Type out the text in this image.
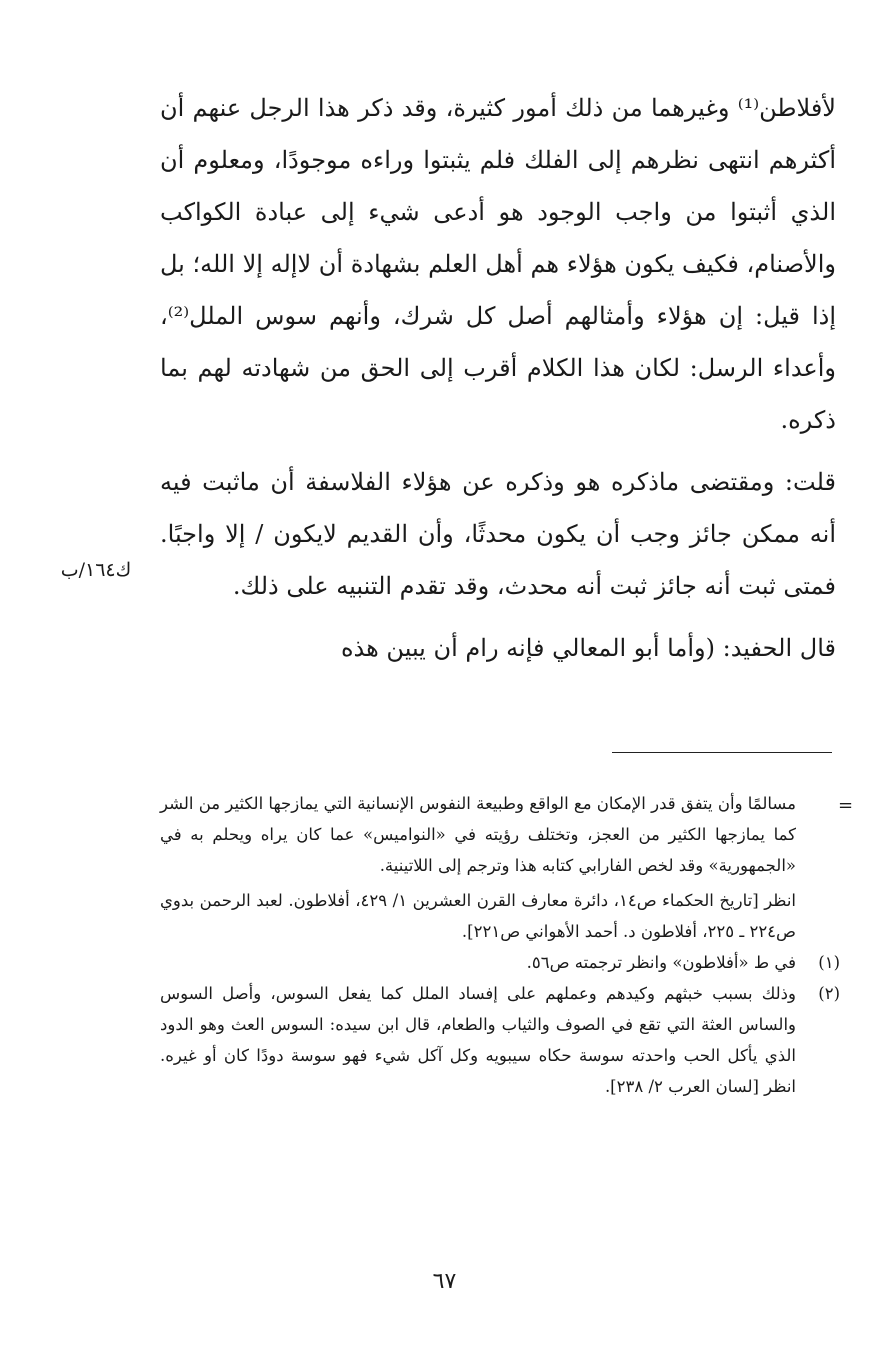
لأفلاطن⁽¹⁾ وغيرهما من ذلك أمور كثيرة، وقد ذكر هذا الرجل عنهم أن أكثرهم انتهى نظرهم إلى الفلك فلم يثبتوا وراءه موجودًا، ومعلوم أن الذي أثبتوا من واجب الوجود هو أدعى شيء إلى عبادة الكواكب والأصنام، فكيف يكون هؤلاء هم أهل العلم بشهادة أن لاإله إلا الله؛ بل إذا قيل: إن هؤلاء وأمثالهم أصل كل شرك، وأنهم سوس الملل⁽²⁾، وأعداء الرسل: لكان هذا الكلام أقرب إلى الحق من شهادته لهم بما ذكره.

قلت: ومقتضى ماذكره هو وذكره عن هؤلاء الفلاسفة أن ماثبت فيه أنه ممكن جائز وجب أن يكون محدثًا، وأن القديم لايكون / إلا واجبًا. فمتى ثبت أنه جائز ثبت أنه محدث، وقد تقدم التنبيه على ذلك.

قال الحفيد: (وأما أبو المعالي فإنه رام أن يبين هذه

ك١٦٤/ب
=

مسالمًا وأن يتفق قدر الإمكان مع الواقع وطبيعة النفوس الإنسانية التي يمازجها الكثير من الشر كما يمازجها الكثير من العجز، وتختلف رؤيته في «النواميس» عما كان يراه ويحلم به في «الجمهورية» وقد لخص الفارابي كتابه هذا وترجم إلى اللاتينية.

انظر [تاريخ الحكماء ص١٤، دائرة معارف القرن العشرين ١/ ٤٢٩، أفلاطون. لعبد الرحمن بدوي ص٢٢٤ ـ ٢٢٥، أفلاطون د. أحمد الأهواني ص٢٢١].

(١)
في ط «أفلاطون» وانظر ترجمته ص٥٦.
(٢)
وذلك بسبب خبثهم وكيدهم وعملهم على إفساد الملل كما يفعل السوس، وأصل السوس والساس العثة التي تقع في الصوف والثياب والطعام، قال ابن سيده: السوس العث وهو الدود الذي يأكل الحب واحدته سوسة حكاه سيبويه وكل آكل شيء فهو سوسة دودًا كان أو غيره. انظر [لسان العرب ٢/ ٢٣٨].
٦٧
